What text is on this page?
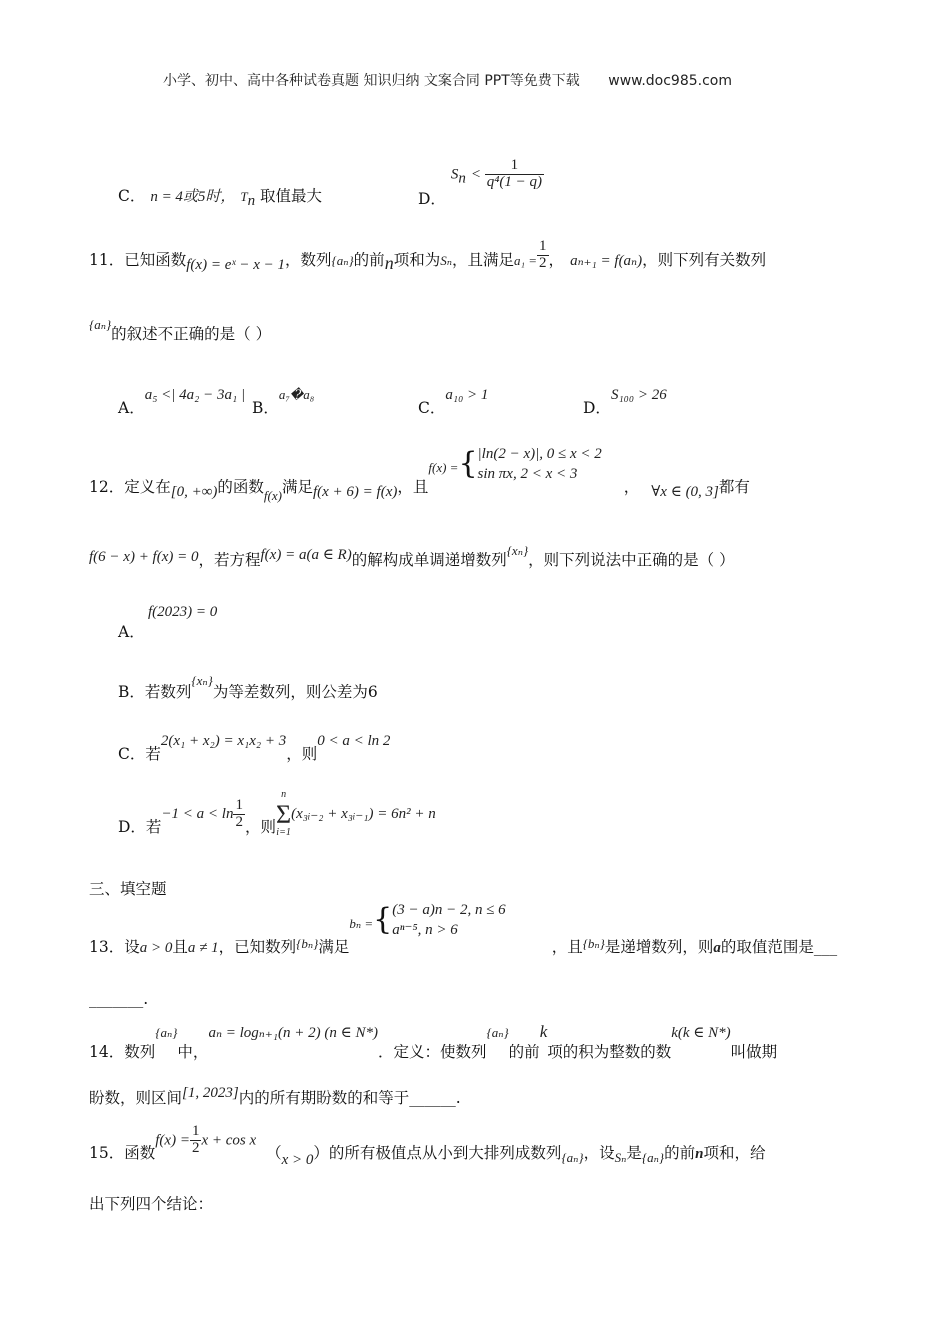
小学、初中、高中各种试卷真题 知识归纳 文案合同 PPT等免费下载 www.doc985.com
C． n = 4或5时， $T_n$ 取值最大	D． $S_n < \frac{1}{\text{q⁴(1 − q)}}$
11．已知函数f(x) = eˣ − x − 1，数列{aₙ}的前n项和为Sₙ，且满足$a_1 = \frac{1}{2}$ ， aₙ₊₁ = f(aₙ)，则下列有关数列
$^{\{a_n\}}$的叙述不正确的是（ ）
A．a₅ <| 4a₂ − 3a₁ |
B．a₇�a₈
C．a₁₀ > 1
D．S₁₀₀ > 26
12．定义在[0, +∞)的函数$_{f(x)}$满足f(x + 6) = f(x)，且$_{f(x) =}${ |ln(2 − x)|, 0 ≤ x < 2
sin πx, 2 < x < 3
， ∀x ∈ (0, 3]都有
f(6 − x) + f(x) = 0，若方程f(x) = a(a ∈ R)的解构成单调递增数列$^{\{x_n\}}$，则下列说法中正确的是（ ）
f(2023) = 0
A．
B．若数列{xₙ}为等差数列，则公差为6
C．若2(x₁ + x₂) = x₁x₂ + 3，则0 < a < ln 2
D．若$-1 < a < \ln \frac{1}{2}$ ，则
n
Σ
i=1
(x₃ᵢ₋₂ + x₃ᵢ₋₁) = 6n² + n
三、填空题
13．设a > 0且a ≠ 1，已知数列$_{\{b_n\}}$满足$_{b_n =}${ (3 − a)n − 2, n ≤ 6
aⁿ⁻⁵, n > 6
，且$_{\{b_n\}}$是递增数列，则a的取值范围是___
_______.
14．数列{aₙ}中，aₙ = logₙ₊₁(n + 2) (n ∈ N*)．定义：使数列{aₙ}的前k项的积为整数的数k(k ∈ N*)叫做期
盼数，则区间[1, 2023]内的所有期盼数的和等于______.
15．函数$f(x) = \frac{1}{2}$ x + cos x（x > 0）的所有极值点从小到大排列成数列$_{\{a_n\}}$，设$_{S_n}$是$_{\{a_n\}}$的前n项和，给
出下列四个结论：
